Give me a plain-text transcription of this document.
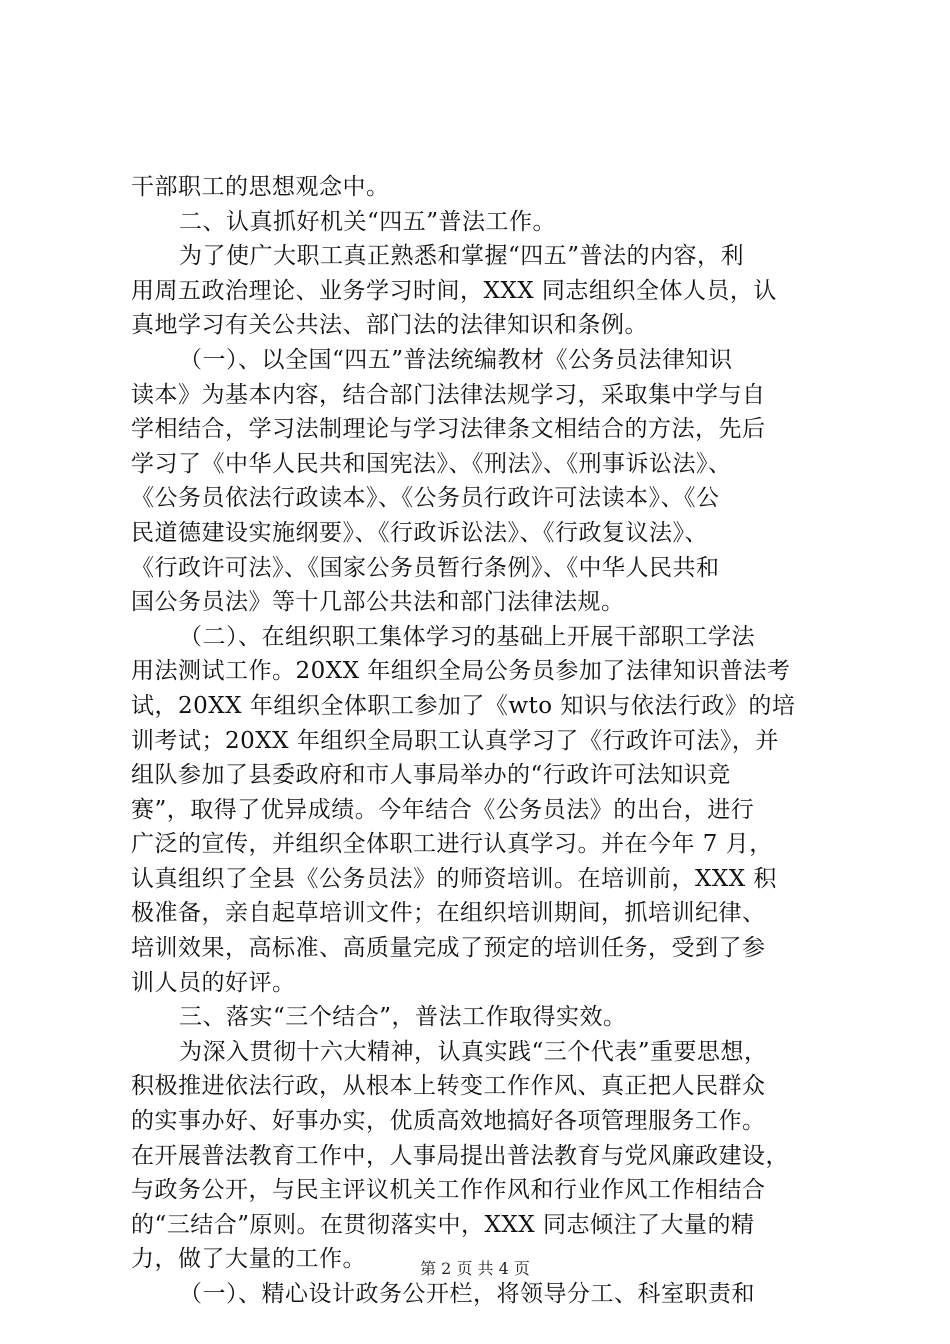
干部职工的思想观念中。
二、认真抓好机关“四五”普法工作。
为了使广大职工真正熟悉和掌握“四五”普法的内容，利
用周五政治理论、业务学习时间，XXX 同志组织全体人员，认
真地学习有关公共法、部门法的法律知识和条例。
（一）、以全国“四五”普法统编教材《公务员法律知识
读本》为基本内容，结合部门法律法规学习，采取集中学与自
学相结合，学习法制理论与学习法律条文相结合的方法，先后
学习了《中华人民共和国宪法》、《刑法》、《刑事诉讼法》、
《公务员依法行政读本》、《公务员行政许可法读本》、《公
民道德建设实施纲要》、《行政诉讼法》、《行政复议法》、
《行政许可法》、《国家公务员暂行条例》、《中华人民共和
国公务员法》等十几部公共法和部门法律法规。
（二）、在组织职工集体学习的基础上开展干部职工学法
用法测试工作。20XX 年组织全局公务员参加了法律知识普法考
试，20XX 年组织全体职工参加了《wto 知识与依法行政》的培
训考试；20XX 年组织全局职工认真学习了《行政许可法》，并
组队参加了县委政府和市人事局举办的“行政许可法知识竞
赛”，取得了优异成绩。今年结合《公务员法》的出台，进行
广泛的宣传，并组织全体职工进行认真学习。并在今年 7 月，
认真组织了全县《公务员法》的师资培训。在培训前，XXX 积
极准备，亲自起草培训文件；在组织培训期间，抓培训纪律、
培训效果，高标准、高质量完成了预定的培训任务，受到了参
训人员的好评。
三、落实“三个结合”，普法工作取得实效。
为深入贯彻十六大精神，认真实践“三个代表”重要思想，
积极推进依法行政，从根本上转变工作作风、真正把人民群众
的实事办好、好事办实，优质高效地搞好各项管理服务工作。
在开展普法教育工作中，人事局提出普法教育与党风廉政建设，
与政务公开，与民主评议机关工作作风和行业作风工作相结合
的“三结合”原则。在贯彻落实中，XXX 同志倾注了大量的精
力，做了大量的工作。
（一）、精心设计政务公开栏，将领导分工、科室职责和
第 2 页 共 4 页
